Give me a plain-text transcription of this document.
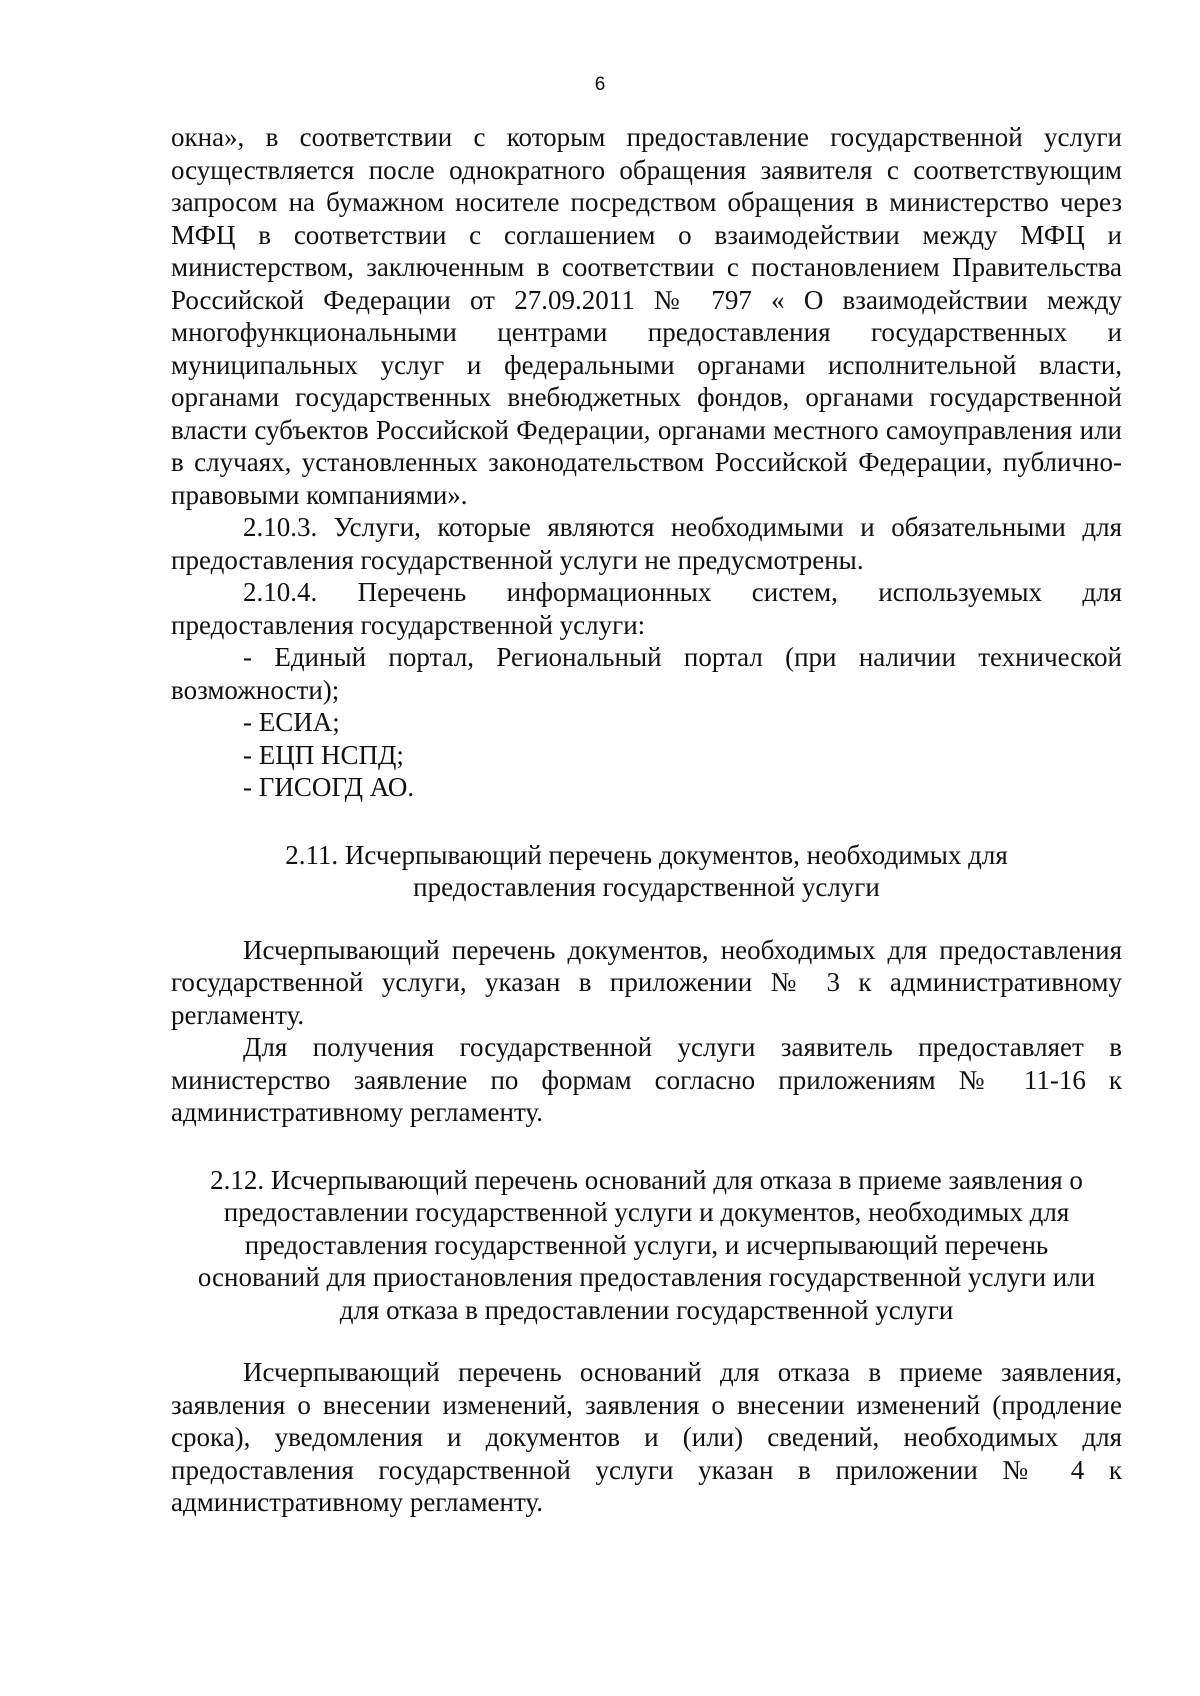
6

окна», в соответствии с которым предоставление государственной услуги осуществляется после однократного обращения заявителя с соответствующим запросом на бумажном носителе посредством обращения в министерство через МФЦ в соответствии с соглашением о взаимодействии между МФЦ и министерством, заключенным в соответствии с постановлением Правительства Российской Федерации от 27.09.2011 № 797 « О взаимодействии между многофункциональными центрами предоставления государственных и муниципальных услуг и федеральными органами исполнительной власти, органами государственных внебюджетных фондов, органами государственной власти субъектов Российской Федерации, органами местного самоуправления или в случаях, установленных законодательством Российской Федерации, публично-правовыми компаниями».

2.10.3. Услуги, которые являются необходимыми и обязательными для предоставления государственной услуги не предусмотрены.

2.10.4. Перечень информационных систем, используемых для предоставления государственной услуги:

- Единый портал, Региональный портал (при наличии технической возможности);

- ЕСИА;

- ЕЦП НСПД;

- ГИСОГД АО.

2.11. Исчерпывающий перечень документов, необходимых для предоставления государственной услуги

Исчерпывающий перечень документов, необходимых для предоставления государственной услуги, указан в приложении № 3 к административному регламенту.

Для получения государственной услуги заявитель предоставляет в министерство заявление по формам согласно приложениям № 11-16 к административному регламенту.

2.12. Исчерпывающий перечень оснований для отказа в приеме заявления о предоставлении государственной услуги и документов, необходимых для предоставления государственной услуги, и исчерпывающий перечень оснований для приостановления предоставления государственной услуги или для отказа в предоставлении государственной услуги

Исчерпывающий перечень оснований для отказа в приеме заявления, заявления о внесении изменений, заявления о внесении изменений (продление срока), уведомления и документов и (или) сведений, необходимых для предоставления государственной услуги указан в приложении № 4 к административному регламенту.
